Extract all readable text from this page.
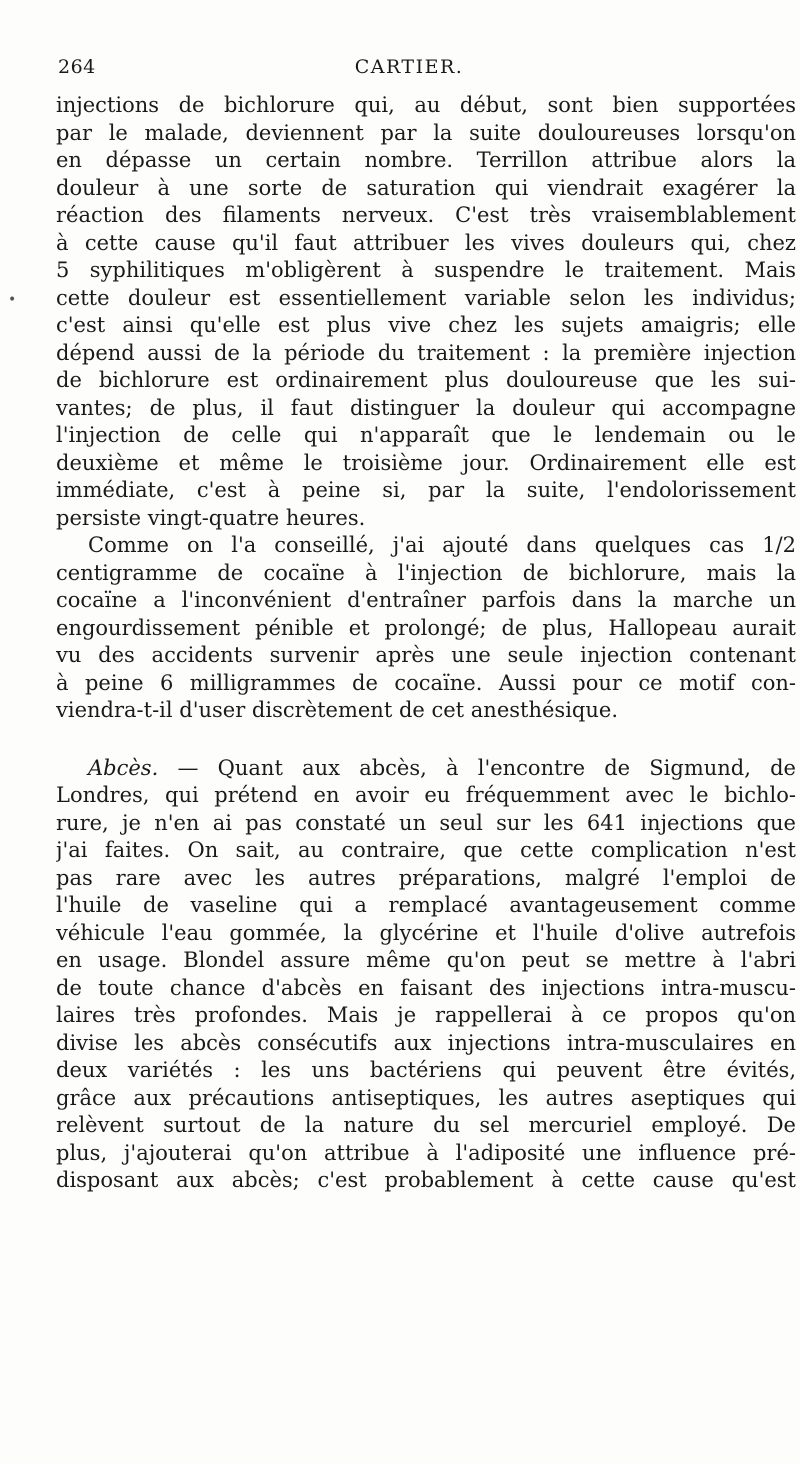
264	CARTIER.
•
injections de bichlorure qui, au début, sont bien supportées
par le malade, deviennent par la suite douloureuses lorsqu'on
en dépasse un certain nombre. Terrillon attribue alors la
douleur à une sorte de saturation qui viendrait exagérer la
réaction des filaments nerveux. C'est très vraisemblablement
à cette cause qu'il faut attribuer les vives douleurs qui, chez
5 syphilitiques m'obligèrent à suspendre le traitement. Mais
cette douleur est essentiellement variable selon les individus;
c'est ainsi qu'elle est plus vive chez les sujets amaigris; elle
dépend aussi de la période du traitement : la première injection
de bichlorure est ordinairement plus douloureuse que les sui-
vantes; de plus, il faut distinguer la douleur qui accompagne
l'injection de celle qui n'apparaît que le lendemain ou le
deuxième et même le troisième jour. Ordinairement elle est
immédiate, c'est à peine si, par la suite, l'endolorissement
persiste vingt-quatre heures.
Comme on l'a conseillé, j'ai ajouté dans quelques cas 1/2
centigramme de cocaïne à l'injection de bichlorure, mais la
cocaïne a l'inconvénient d'entraîner parfois dans la marche un
engourdissement pénible et prolongé; de plus, Hallopeau aurait
vu des accidents survenir après une seule injection contenant
à peine 6 milligrammes de cocaïne. Aussi pour ce motif con-
viendra-t-il d'user discrètement de cet anesthésique.
Abcès. — Quant aux abcès, à l'encontre de Sigmund, de
Londres, qui prétend en avoir eu fréquemment avec le bichlo-
rure, je n'en ai pas constaté un seul sur les 641 injections que
j'ai faites. On sait, au contraire, que cette complication n'est
pas rare avec les autres préparations, malgré l'emploi de
l'huile de vaseline qui a remplacé avantageusement comme
véhicule l'eau gommée, la glycérine et l'huile d'olive autrefois
en usage. Blondel assure même qu'on peut se mettre à l'abri
de toute chance d'abcès en faisant des injections intra-muscu-
laires très profondes. Mais je rappellerai à ce propos qu'on
divise les abcès consécutifs aux injections intra-musculaires en
deux variétés : les uns bactériens qui peuvent être évités,
grâce aux précautions antiseptiques, les autres aseptiques qui
relèvent surtout de la nature du sel mercuriel employé. De
plus, j'ajouterai qu'on attribue à l'adiposité une influence pré-
disposant aux abcès; c'est probablement à cette cause qu'est
